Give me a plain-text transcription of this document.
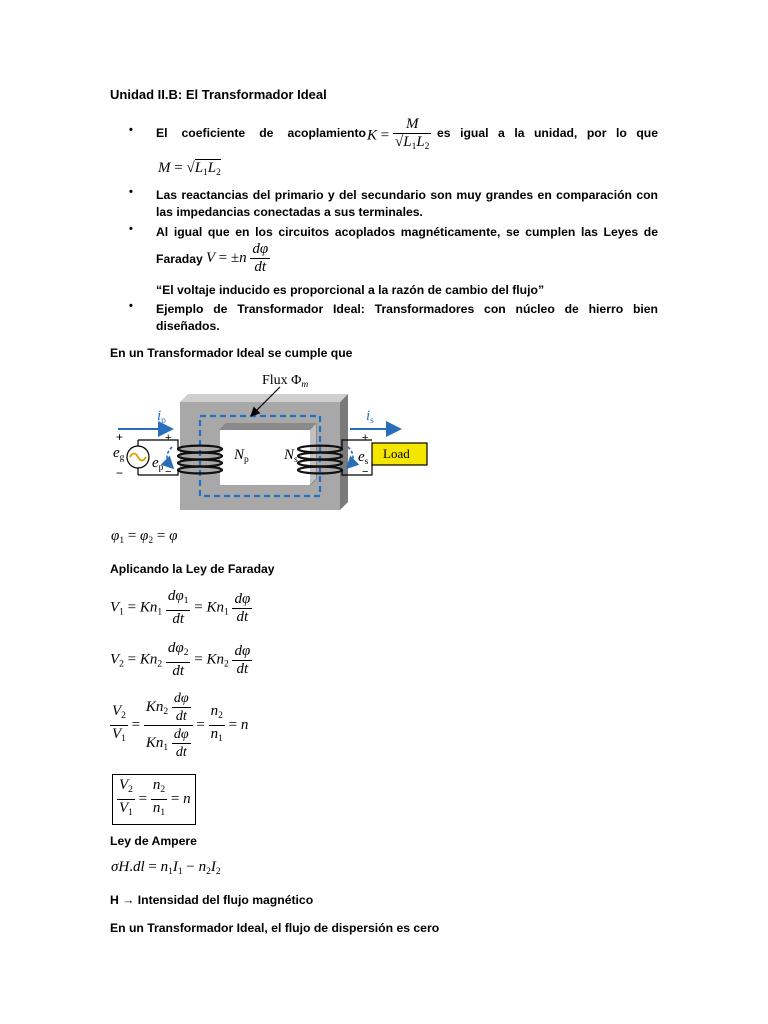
Unidad II.B: El Transformador Ideal
• El coeficiente de acoplamiento $K = \frac{M}{√L_1L_2}$ es igual a la unidad, por lo que
$M = √L_1L_2$
• Las reactancias del primario y del secundario son muy grandes en comparación con las impedancias conectadas a sus terminales.
• Al igual que en los circuitos acoplados magnéticamente, se cumplen las Leyes de
Faraday $V = \pm n \frac{d\varphi}{dt}$
“El voltaje inducido es proporcional a la razón de cambio del flujo”
• Ejemplo de Transformador Ideal: Transformadores con núcleo de hierro bien diseñados.
En un Transformador Ideal se cumple que
Flux $\Phi_m$
$i_p$	$i_s$
$e_g$ $e_p$
$e_s$
$N_p$ $N_s$	Load
+
−
+
−
+
−
$\varphi_1 = \varphi_2 = \varphi$
Aplicando la Ley de Faraday
$V_1 = Kn_1 \frac{d\varphi_1}{dt} = Kn_1 \frac{d\varphi}{dt}$
$V_2 = Kn_2 \frac{d\varphi_2}{dt} = Kn_2 \frac{d\varphi}{dt}$
$\frac{V_2}{V_1} = \frac{Kn_2 \frac{d\varphi}{dt}}{Kn_1 \frac{d\varphi}{dt}} = \frac{n_2}{n_1} = n$
$\frac{V_2}{V_1} = \frac{n_2}{n_1} = n$
Ley de Ampere
$\sigma H.dl = n_1I_1 - n_2I_2$
H → Intensidad del flujo magnético
En un Transformador Ideal, el flujo de dispersión es cero
